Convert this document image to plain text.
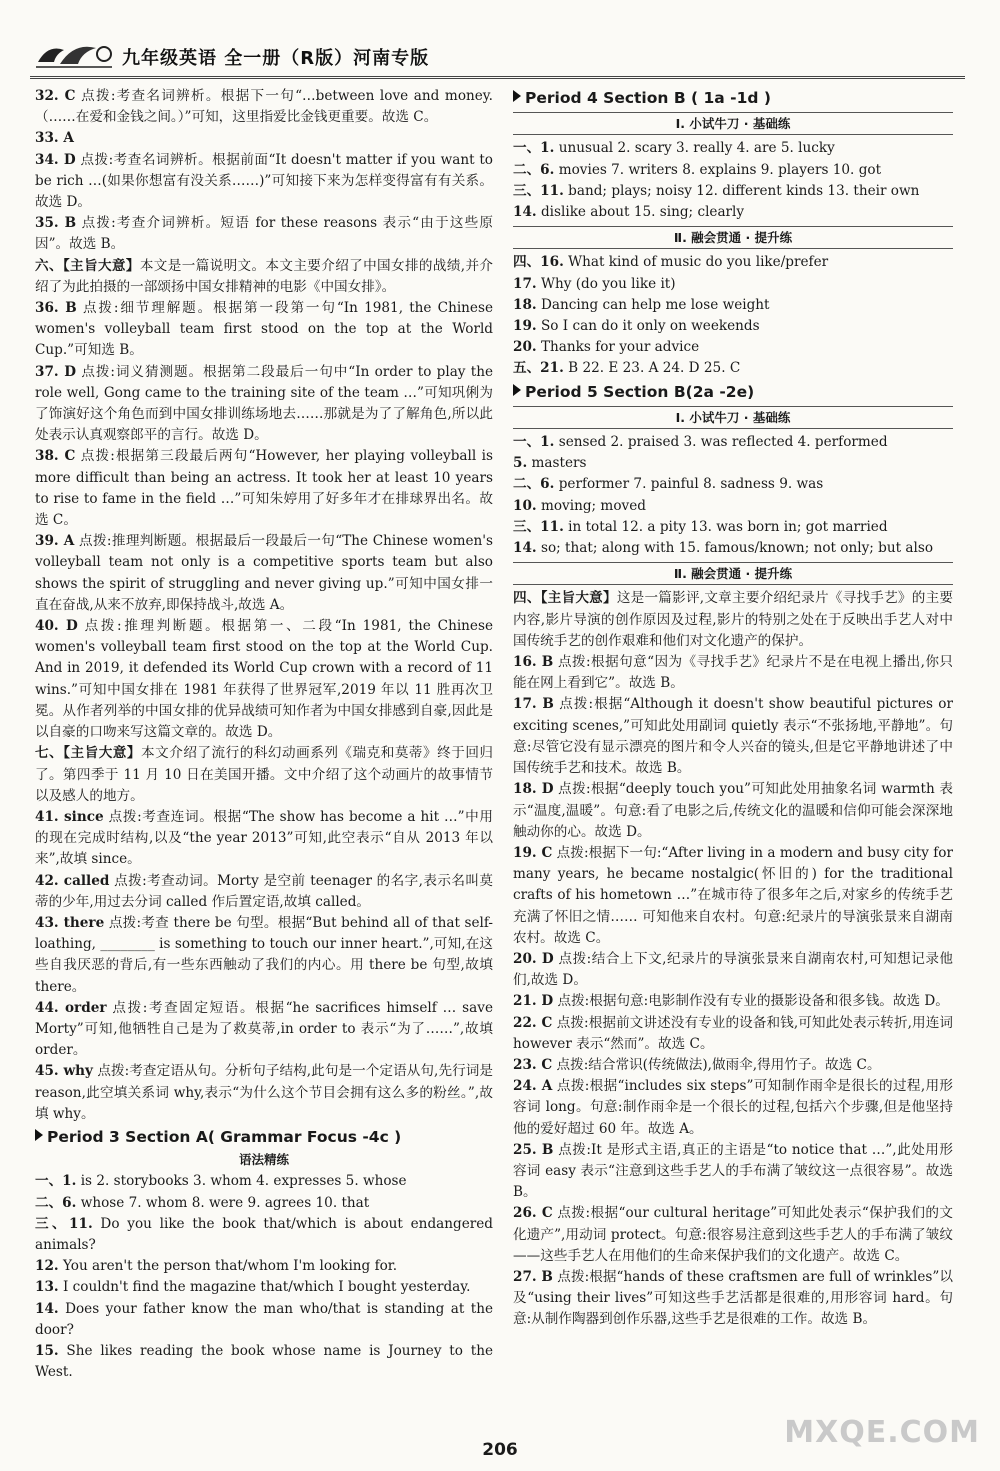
九年级英语 全一册（R版）河南专版

32. C 点拨:考查名词辨析。根据下一句“…between love and money.（……在爱和金钱之间。）”可知，这里指爱比金钱更重要。故选 C。

33. A

34. D 点拨:考查名词辨析。根据前面“It doesn't matter if you want to be rich …(如果你想富有没关系……)”可知接下来为怎样变得富有有关系。故选 D。

35. B 点拨:考查介词辨析。短语 for these reasons 表示“由于这些原因”。故选 B。

六、【主旨大意】本文是一篇说明文。本文主要介绍了中国女排的战绩,并介绍了为此拍摄的一部颂扬中国女排精神的电影《中国女排》。

36. B 点拨:细节理解题。根据第一段第一句“In 1981, the Chinese women's volleyball team first stood on the top at the World Cup.”可知选 B。

37. D 点拨:词义猜测题。根据第二段最后一句中“In order to play the role well, Gong came to the training site of the team …”可知巩俐为了饰演好这个角色而到中国女排训练场地去……那就是为了了解角色,所以此处表示认真观察郎平的言行。故选 D。

38. C 点拨:根据第三段最后两句“However, her playing volleyball is more difficult than being an actress. It took her at least 10 years to rise to fame in the field …”可知朱婷用了好多年才在排球界出名。故选 C。

39. A 点拨:推理判断题。根据最后一段最后一句“The Chinese women's volleyball team not only is a competitive sports team but also shows the spirit of struggling and never giving up.”可知中国女排一直在奋战,从来不放弃,即保持战斗,故选 A。

40. D 点拨:推理判断题。根据第一、二段“In 1981, the Chinese women's volleyball team first stood on the top at the World Cup. And in 2019, it defended its World Cup crown with a record of 11 wins.”可知中国女排在 1981 年获得了世界冠军,2019 年以 11 胜再次卫冕。从作者列举的中国女排的优异战绩可知作者为中国女排感到自豪,因此是以自豪的口吻来写这篇文章的。故选 D。

七、【主旨大意】本文介绍了流行的科幻动画系列《瑞克和莫蒂》终于回归了。第四季于 11 月 10 日在美国开播。文中介绍了这个动画片的故事情节以及感人的地方。

41. since 点拨:考查连词。根据“The show has become a hit …”中用的现在完成时结构,以及“the year 2013”可知,此空表示“自从 2013 年以来”,故填 since。

42. called 点拨:考查动词。Morty 是空前 teenager 的名字,表示名叫莫蒂的少年,用过去分词 called 作后置定语,故填 called。

43. there 点拨:考查 there be 句型。根据“But behind all of that self-loathing, ________ is something to touch our inner heart.”,可知,在这些自我厌恶的背后,有一些东西触动了我们的内心。用 there be 句型,故填 there。

44. order 点拨:考查固定短语。根据“he sacrifices himself … save Morty”可知,他牺牲自己是为了救莫蒂,in order to 表示“为了……”,故填 order。

45. why 点拨:考查定语从句。分析句子结构,此句是一个定语从句,先行词是 reason,此空填关系词 why,表示“为什么这个节目会拥有这么多的粉丝。”,故填 why。

Period 3 Section A( Grammar Focus -4c )
语法精练

一、1. is 2. storybooks 3. whom 4. expresses 5. whose

二、6. whose 7. whom 8. were 9. agrees 10. that

三、11. Do you like the book that/which is about endangered animals?

12. You aren't the person that/whom I'm looking for.

13. I couldn't find the magazine that/which I bought yesterday.

14. Does your father know the man who/that is standing at the door?

15. She likes reading the book whose name is Journey to the West.

Period 4 Section B ( 1a -1d )
Ⅰ. 小试牛刀 · 基础练

一、1. unusual 2. scary 3. really 4. are 5. lucky

二、6. movies 7. writers 8. explains 9. players 10. got

三、11. band; plays; noisy 12. different kinds 13. their own

14. dislike about 15. sing; clearly

Ⅱ. 融会贯通 · 提升练

四、16. What kind of music do you like/prefer

17. Why (do you like it)

18. Dancing can help me lose weight

19. So I can do it only on weekends

20. Thanks for your advice

五、21. B 22. E 23. A 24. D 25. C

Period 5 Section B(2a -2e)
Ⅰ. 小试牛刀 · 基础练

一、1. sensed 2. praised 3. was reflected 4. performed

5. masters

二、6. performer 7. painful 8. sadness 9. was

10. moving; moved

三、11. in total 12. a pity 13. was born in; got married

14. so; that; along with 15. famous/known; not only; but also

Ⅱ. 融会贯通 · 提升练

四、【主旨大意】这是一篇影评,文章主要介绍纪录片《寻找手艺》的主要内容,影片导演的创作原因及过程,影片的特别之处在于反映出手艺人对中国传统手艺的创作艰难和他们对文化遗产的保护。

16. B 点拨:根据句意“因为《寻找手艺》纪录片不是在电视上播出,你只能在网上看到它”。故选 B。

17. B 点拨:根据“Although it doesn't show beautiful pictures or exciting scenes,”可知此处用副词 quietly 表示“不张扬地,平静地”。句意:尽管它没有显示漂亮的图片和令人兴奋的镜头,但是它平静地讲述了中国传统手艺和技术。故选 B。

18. D 点拨:根据“deeply touch you”可知此处用抽象名词 warmth 表示“温度,温暖”。句意:看了电影之后,传统文化的温暖和信仰可能会深深地触动你的心。故选 D。

19. C 点拨:根据下一句:“After living in a modern and busy city for many years, he became nostalgic(怀旧的) for the traditional crafts of his hometown …”在城市待了很多年之后,对家乡的传统手艺充满了怀旧之情…… 可知他来自农村。句意:纪录片的导演张景来自湖南农村。故选 C。

20. D 点拨:结合上下文,纪录片的导演张景来自湖南农村,可知想记录他们,故选 D。

21. D 点拨:根据句意:电影制作没有专业的摄影设备和很多钱。故选 D。

22. C 点拨:根据前文讲述没有专业的设备和钱,可知此处表示转折,用连词 however 表示“然而”。故选 C。

23. C 点拨:结合常识(传统做法),做雨伞,得用竹子。故选 C。

24. A 点拨:根据“includes six steps”可知制作雨伞是很长的过程,用形容词 long。句意:制作雨伞是一个很长的过程,包括六个步骤,但是他坚持他的爱好超过 60 年。故选 A。

25. B 点拨:It 是形式主语,真正的主语是“to notice that …”,此处用形容词 easy 表示“注意到这些手艺人的手布满了皱纹这一点很容易”。故选 B。

26. C 点拨:根据“our cultural heritage”可知此处表示“保护我们的文化遗产”,用动词 protect。句意:很容易注意到这些手艺人的手布满了皱纹——这些手艺人在用他们的生命来保护我们的文化遗产。故选 C。

27. B 点拨:根据“hands of these craftsmen are full of wrinkles”以及“using their lives”可知这些手艺活都是很难的,用形容词 hard。句意:从制作陶器到创作乐器,这些手艺是很难的工作。故选 B。

206	MXQE.COM
